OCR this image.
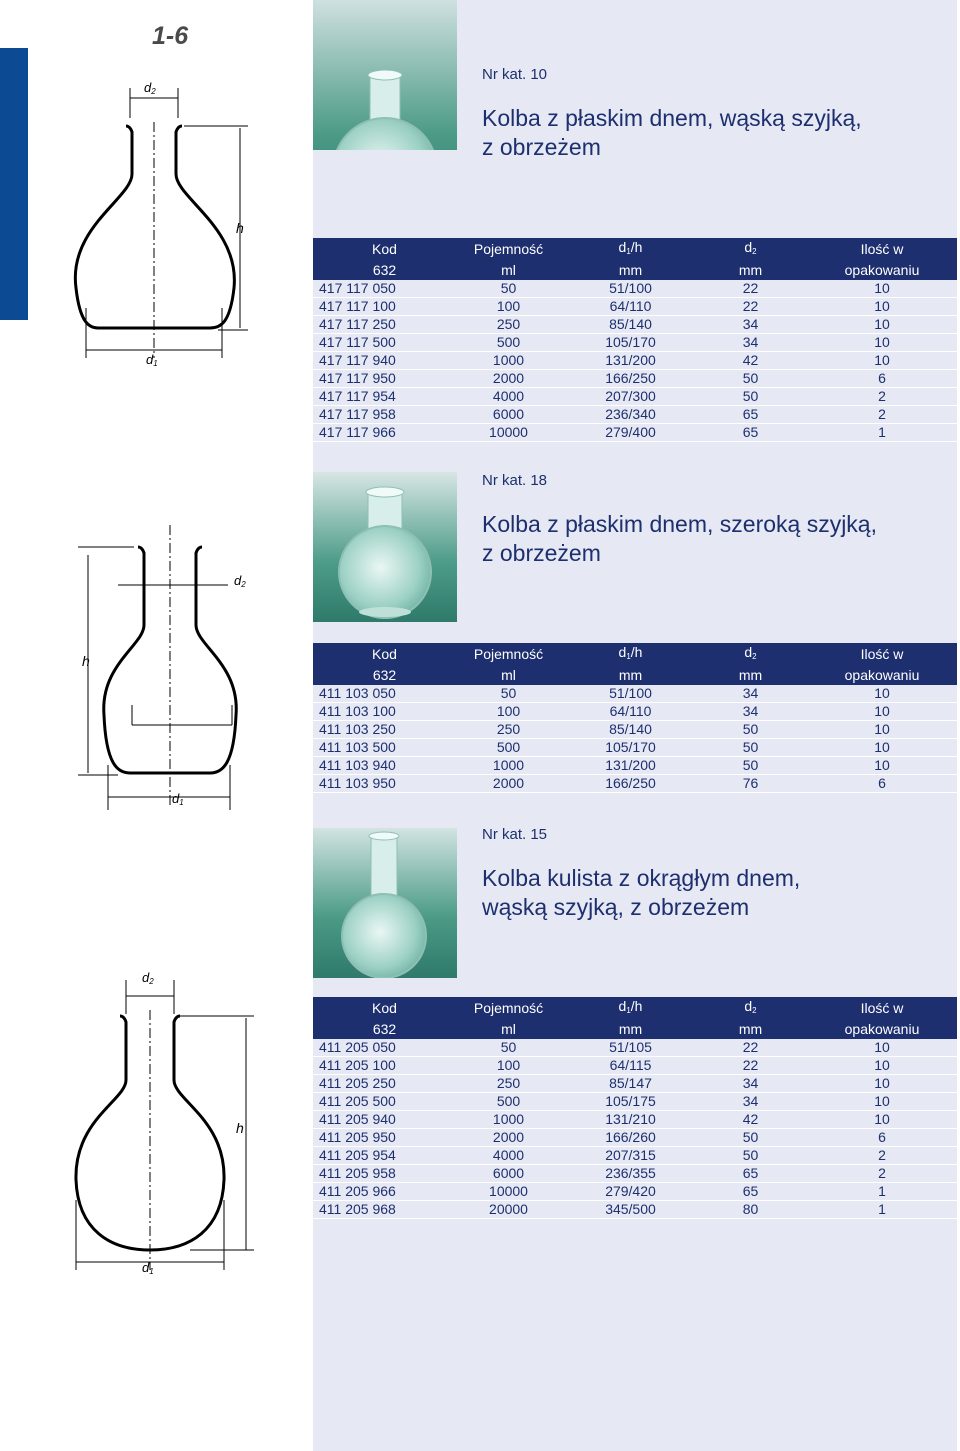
1-6
Nr kat. 10
Kolba z płaskim dnem, wąską szyjką,
z obrzeżem
$d_2$
h
$d_1$
Kod	Pojemność	$d_1/h$	$d_2$	Ilość w
632	ml	mm	mm	opakowaniu
417 117 050	50	51/100	22	10
417 117 100	100	64/110	22	10
417 117 250	250	85/140	34	10
417 117 500	500	105/170	34	10
417 117 940	1000	131/200	42	10
417 117 950	2000	166/250	50	6
417 117 954	4000	207/300	50	2
417 117 958	6000	236/340	65	2
417 117 966	10000	279/400	65	1
Nr kat. 18
Kolba z płaskim dnem, szeroką szyjką,
z obrzeżem
$d_2$
h
$d_1$
Kod	Pojemność	$d_1/h$	$d_2$	Ilość w
632	ml	mm	mm	opakowaniu
411 103 050	50	51/100	34	10
411 103 100	100	64/110	34	10
411 103 250	250	85/140	50	10
411 103 500	500	105/170	50	10
411 103 940	1000	131/200	50	10
411 103 950	2000	166/250	76	6
Nr kat. 15
Kolba kulista z okrągłym dnem,
wąską szyjką, z obrzeżem
$d_2$
h
$d_1$
Kod	Pojemność	$d_1/h$	$d_2$	Ilość w
632	ml	mm	mm	opakowaniu
411 205 050	50	51/105	22	10
411 205 100	100	64/115	22	10
411 205 250	250	85/147	34	10
411 205 500	500	105/175	34	10
411 205 940	1000	131/210	42	10
411 205 950	2000	166/260	50	6
411 205 954	4000	207/315	50	2
411 205 958	6000	236/355	65	2
411 205 966	10000	279/420	65	1
411 205 968	20000	345/500	80	1
